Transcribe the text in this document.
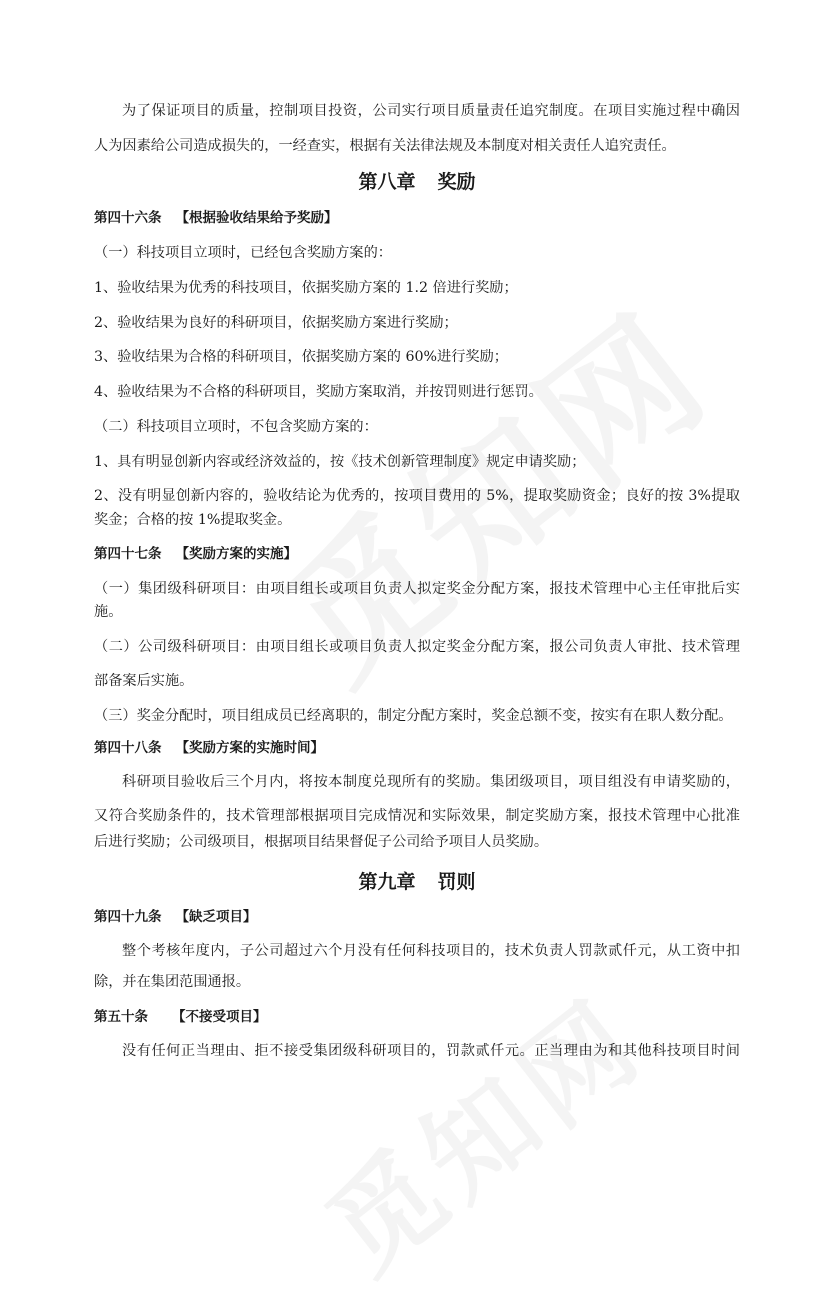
为了保证项目的质量，控制项目投资，公司实行项目质量责任追究制度。在项目实施过程中确因
人为因素给公司造成损失的，一经查实，根据有关法律法规及本制度对相关责任人追究责任。
第八章 奖励
第四十六条 【根据验收结果给予奖励】
（一）科技项目立项时，已经包含奖励方案的：
1、验收结果为优秀的科技项目，依据奖励方案的 1.2 倍进行奖励；
2、验收结果为良好的科研项目，依据奖励方案进行奖励；
3、验收结果为合格的科研项目，依据奖励方案的 60%进行奖励；
4、验收结果为不合格的科研项目，奖励方案取消，并按罚则进行惩罚。
（二）科技项目立项时，不包含奖励方案的：
1、具有明显创新内容或经济效益的，按《技术创新管理制度》规定申请奖励；
2、没有明显创新内容的，验收结论为优秀的，按项目费用的 5%，提取奖励资金；良好的按 3%提取
奖金；合格的按 1%提取奖金。
第四十七条 【奖励方案的实施】
（一）集团级科研项目：由项目组长或项目负责人拟定奖金分配方案，报技术管理中心主任审批后实
施。
（二）公司级科研项目：由项目组长或项目负责人拟定奖金分配方案，报公司负责人审批、技术管理
部备案后实施。
（三）奖金分配时，项目组成员已经离职的，制定分配方案时，奖金总额不变，按实有在职人数分配。
第四十八条 【奖励方案的实施时间】
科研项目验收后三个月内，将按本制度兑现所有的奖励。集团级项目，项目组没有申请奖励的，
又符合奖励条件的，技术管理部根据项目完成情况和实际效果，制定奖励方案，报技术管理中心批准
后进行奖励；公司级项目，根据项目结果督促子公司给予项目人员奖励。
第九章 罚则
第四十九条 【缺乏项目】
整个考核年度内，子公司超过六个月没有任何科技项目的，技术负责人罚款贰仟元，从工资中扣
除，并在集团范围通报。
第五十条 【不接受项目】
没有任何正当理由、拒不接受集团级科研项目的，罚款贰仟元。正当理由为和其他科技项目时间
